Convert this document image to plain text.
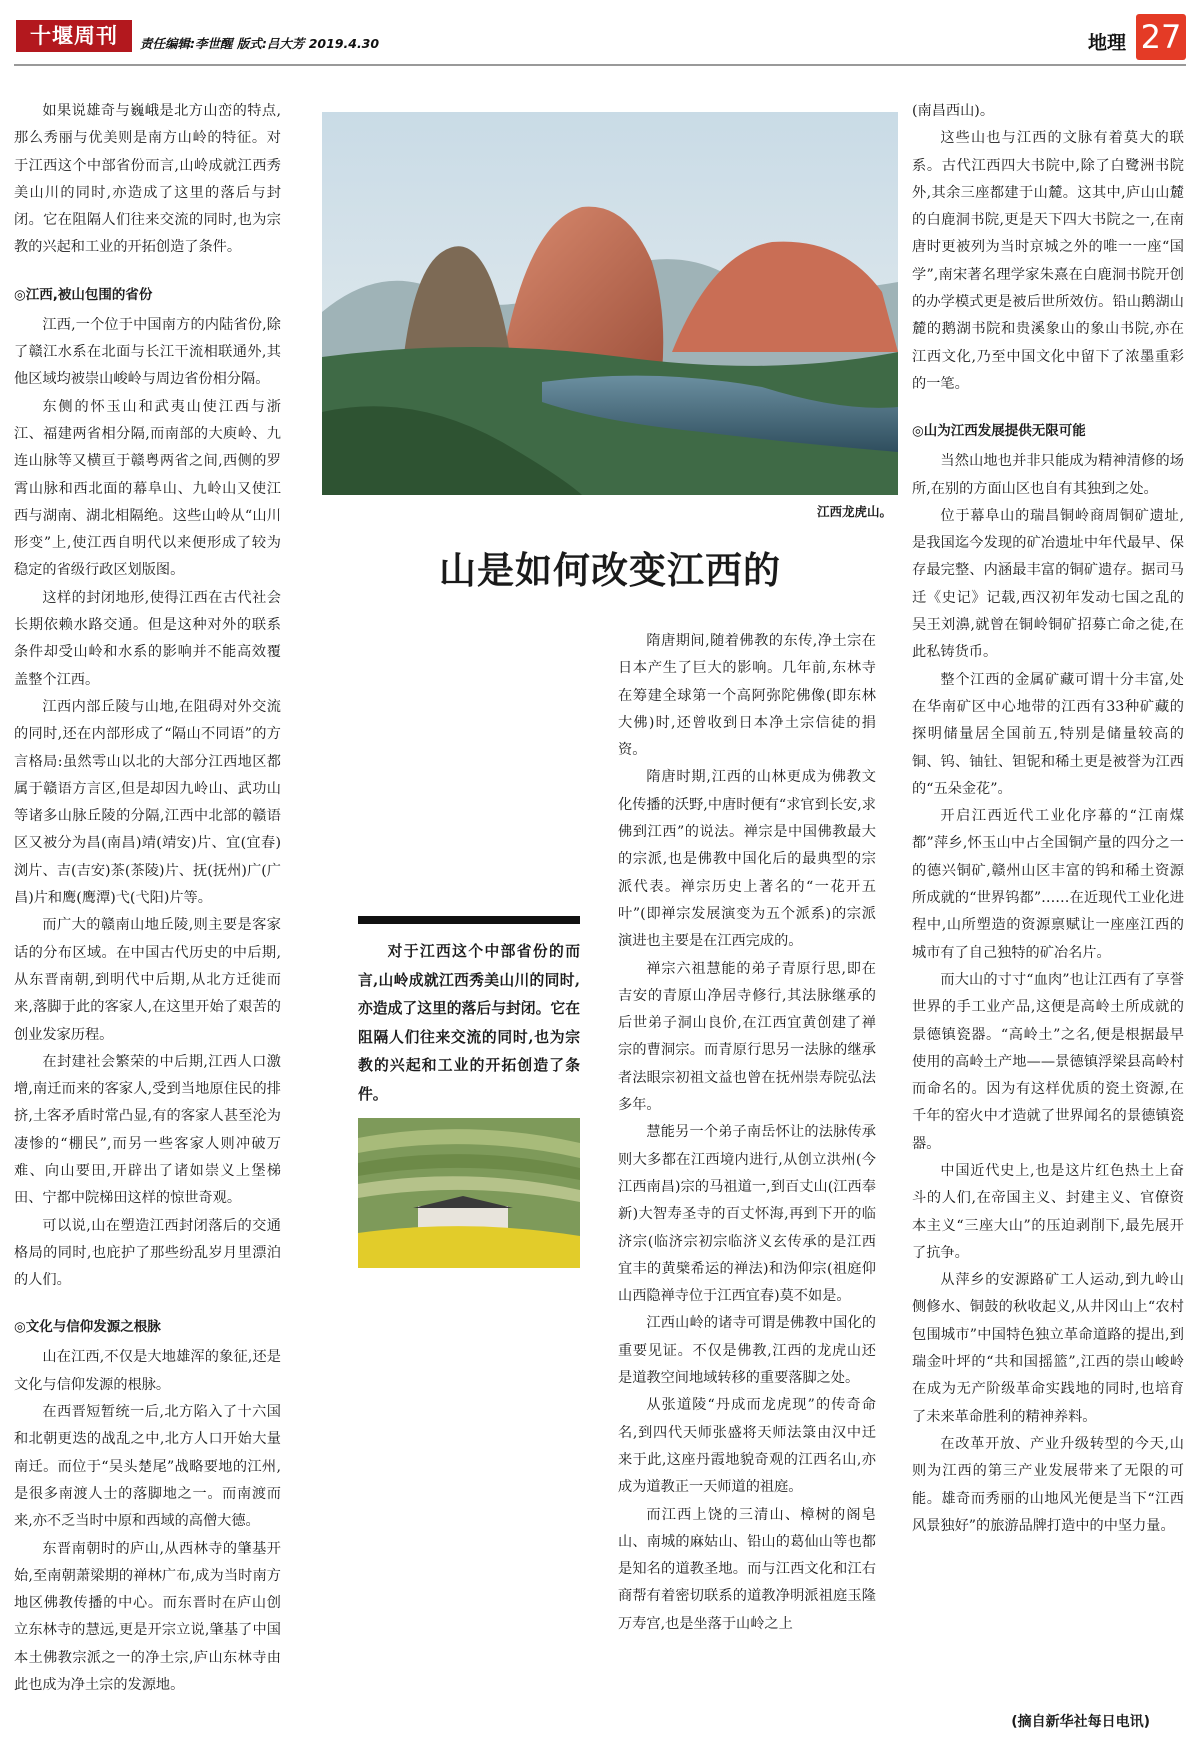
十堰周刊	责任编辑:李世醒 版式:吕大芳 2019.4.30	地理 27

如果说雄奇与巍峨是北方山峦的特点,那么秀丽与优美则是南方山岭的特征。对于江西这个中部省份而言,山岭成就江西秀美山川的同时,亦造成了这里的落后与封闭。它在阻隔人们往来交流的同时,也为宗教的兴起和工业的开拓创造了条件。

◎江西,被山包围的省份

江西,一个位于中国南方的内陆省份,除了赣江水系在北面与长江干流相联通外,其他区域均被崇山峻岭与周边省份相分隔。

东侧的怀玉山和武夷山使江西与浙江、福建两省相分隔,而南部的大庾岭、九连山脉等又横亘于赣粤两省之间,西侧的罗霄山脉和西北面的幕阜山、九岭山又使江西与湖南、湖北相隔绝。这些山岭从“山川形变”上,使江西自明代以来便形成了较为稳定的省级行政区划版图。

这样的封闭地形,使得江西在古代社会长期依赖水路交通。但是这种对外的联系条件却受山岭和水系的影响并不能高效覆盖整个江西。

江西内部丘陵与山地,在阻碍对外交流的同时,还在内部形成了“隔山不同语”的方言格局:虽然雩山以北的大部分江西地区都属于赣语方言区,但是却因九岭山、武功山等诸多山脉丘陵的分隔,江西中北部的赣语区又被分为昌(南昌)靖(靖安)片、宜(宜春)浏片、吉(吉安)茶(茶陵)片、抚(抚州)广(广昌)片和鹰(鹰潭)弋(弋阳)片等。

而广大的赣南山地丘陵,则主要是客家话的分布区域。在中国古代历史的中后期,从东晋南朝,到明代中后期,从北方迁徙而来,落脚于此的客家人,在这里开始了艰苦的创业发家历程。

在封建社会繁荣的中后期,江西人口激增,南迁而来的客家人,受到当地原住民的排挤,土客矛盾时常凸显,有的客家人甚至沦为凄惨的“棚民”,而另一些客家人则冲破万难、向山要田,开辟出了诸如崇义上堡梯田、宁都中院梯田这样的惊世奇观。

可以说,山在塑造江西封闭落后的交通格局的同时,也庇护了那些纷乱岁月里漂泊的人们。

◎文化与信仰发源之根脉

山在江西,不仅是大地雄浑的象征,还是文化与信仰发源的根脉。

在西晋短暂统一后,北方陷入了十六国和北朝更迭的战乱之中,北方人口开始大量南迁。而位于“吴头楚尾”战略要地的江州,是很多南渡人士的落脚地之一。而南渡而来,亦不乏当时中原和西域的高僧大德。

东晋南朝时的庐山,从西林寺的肇基开始,至南朝萧梁期的禅林广布,成为当时南方地区佛教传播的中心。而东晋时在庐山创立东林寺的慧远,更是开宗立说,肇基了中国本土佛教宗派之一的净土宗,庐山东林寺由此也成为净土宗的发源地。

江西龙虎山。
山是如何改变江西的

隋唐期间,随着佛教的东传,净土宗在日本产生了巨大的影响。几年前,东林寺在筹建全球第一个高阿弥陀佛像(即东林大佛)时,还曾收到日本净土宗信徒的捐资。

隋唐时期,江西的山林更成为佛教文化传播的沃野,中唐时便有“求官到长安,求佛到江西”的说法。禅宗是中国佛教最大的宗派,也是佛教中国化后的最典型的宗派代表。禅宗历史上著名的“一花开五叶”(即禅宗发展演变为五个派系)的宗派演进也主要是在江西完成的。

禅宗六祖慧能的弟子青原行思,即在吉安的青原山净居寺修行,其法脉继承的后世弟子洞山良价,在江西宜黄创建了禅宗的曹洞宗。而青原行思另一法脉的继承者法眼宗初祖文益也曾在抚州崇寿院弘法多年。

慧能另一个弟子南岳怀让的法脉传承则大多都在江西境内进行,从创立洪州(今江西南昌)宗的马祖道一,到百丈山(江西奉新)大智寿圣寺的百丈怀海,再到下开的临济宗(临济宗初宗临济义玄传承的是江西宜丰的黄檗希运的禅法)和沩仰宗(祖庭仰山西隐禅寺位于江西宜春)莫不如是。

江西山岭的诸寺可谓是佛教中国化的重要见证。不仅是佛教,江西的龙虎山还是道教空间地域转移的重要落脚之处。

从张道陵“丹成而龙虎现”的传奇命名,到四代天师张盛将天师法箓由汉中迁来于此,这座丹霞地貌奇观的江西名山,亦成为道教正一天师道的祖庭。

而江西上饶的三清山、樟树的阁皂山、南城的麻姑山、铅山的葛仙山等也都是知名的道教圣地。而与江西文化和江右商帮有着密切联系的道教净明派祖庭玉隆万寿宫,也是坐落于山岭之上

对于江西这个中部省份的而言,山岭成就江西秀美山川的同时,亦造成了这里的落后与封闭。它在阻隔人们往来交流的同时,也为宗教的兴起和工业的开拓创造了条件。

(南昌西山)。

这些山也与江西的文脉有着莫大的联系。古代江西四大书院中,除了白鹭洲书院外,其余三座都建于山麓。这其中,庐山山麓的白鹿洞书院,更是天下四大书院之一,在南唐时更被列为当时京城之外的唯一一座“国学”,南宋著名理学家朱熹在白鹿洞书院开创的办学模式更是被后世所效仿。铅山鹅湖山麓的鹅湖书院和贵溪象山的象山书院,亦在江西文化,乃至中国文化中留下了浓墨重彩的一笔。

◎山为江西发展提供无限可能

当然山地也并非只能成为精神清修的场所,在别的方面山区也自有其独到之处。

位于幕阜山的瑞昌铜岭商周铜矿遗址,是我国迄今发现的矿冶遗址中年代最早、保存最完整、内涵最丰富的铜矿遗存。据司马迁《史记》记载,西汉初年发动七国之乱的吴王刘濞,就曾在铜岭铜矿招募亡命之徒,在此私铸货币。

整个江西的金属矿藏可谓十分丰富,处在华南矿区中心地带的江西有33种矿藏的探明储量居全国前五,特别是储量较高的铜、钨、铀钍、钽铌和稀土更是被誉为江西的“五朵金花”。

开启江西近代工业化序幕的“江南煤都”萍乡,怀玉山中占全国铜产量的四分之一的德兴铜矿,赣州山区丰富的钨和稀土资源所成就的“世界钨都”……在近现代工业化进程中,山所塑造的资源禀赋让一座座江西的城市有了自己独特的矿冶名片。

而大山的寸寸“血肉”也让江西有了享誉世界的手工业产品,这便是高岭土所成就的景德镇瓷器。“高岭土”之名,便是根据最早使用的高岭土产地——景德镇浮梁县高岭村而命名的。因为有这样优质的瓷土资源,在千年的窑火中才造就了世界闻名的景德镇瓷器。

中国近代史上,也是这片红色热土上奋斗的人们,在帝国主义、封建主义、官僚资本主义“三座大山”的压迫剥削下,最先展开了抗争。

从萍乡的安源路矿工人运动,到九岭山侧修水、铜鼓的秋收起义,从井冈山上“农村包围城市”中国特色独立革命道路的提出,到瑞金叶坪的“共和国摇篮”,江西的崇山峻岭在成为无产阶级革命实践地的同时,也培育了未来革命胜利的精神养料。

在改革开放、产业升级转型的今天,山则为江西的第三产业发展带来了无限的可能。雄奇而秀丽的山地风光便是当下“江西风景独好”的旅游品牌打造中的中坚力量。

(摘自新华社每日电讯)
